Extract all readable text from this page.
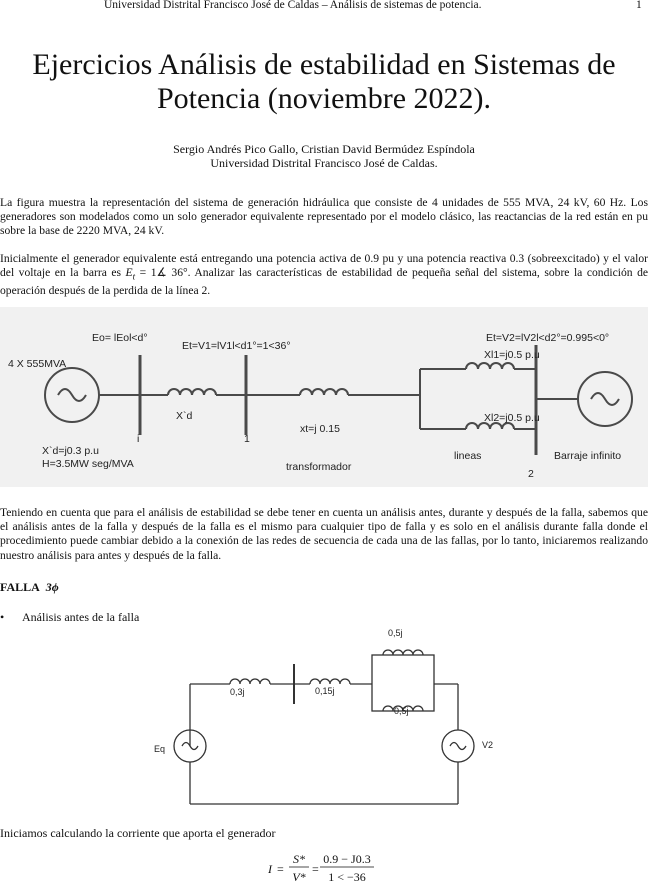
Universidad Distrital Francisco José de Caldas – Análisis de sistemas de potencia.	1
Ejercicios Análisis de estabilidad en Sistemas de
Potencia (noviembre 2022).
Sergio Andrés Pico Gallo, Cristian David Bermúdez Espíndola
Universidad Distrital Francisco José de Caldas.

La figura muestra la representación del sistema de generación hidráulica que consiste de 4 unidades de 555 MVA, 24 kV, 60 Hz. Los generadores son modelados como un solo generador equivalente representado por el modelo clásico, las reactancias de la red están en pu sobre la base de 2220 MVA, 24 kV.

Inicialmente el generador equivalente está entregando una potencia activa de 0.9 pu y una potencia reactiva 0.3 (sobreexcitado) y el valor del voltaje en la barra es $E_t$ = 1∡ 36°. Analizar las características de estabilidad de pequeña señal del sistema, sobre la condición de operación después de la perdida de la línea 2.

Eo= lEol<d°
Et=V1=lV1l<d1°=1<36°
Et=V2=lV2l<d2°=0.995<0°
4 X 555MVA
Xl1=j0.5 p.u
Xl2=j0.5 p.u
X`d
i	1
xt=j 0.15
X`d=j0.3 p.u
H=3.5MW seg/MVA	transformador
lineas
2
Barraje infinito

Teniendo en cuenta que para el análisis de estabilidad se debe tener en cuenta un análisis antes, durante y después de la falla, sabemos que el análisis antes de la falla y después de la falla es el mismo para cualquier tipo de falla y es solo en el análisis durante falla donde el procedimiento puede cambiar debido a la conexión de las redes de secuencia de cada una de las fallas, por lo tanto, iniciaremos realizando nuestro análisis para antes y después de la falla.

FALLA 3ϕ
• Análisis antes de la falla
0,5j
0,5j
0,3j	0,15j
Eq	V2
Iniciamos calculando la corriente que aporta el generador
I =
S*
V*
=
0.9 − J0.3
1 < −36
